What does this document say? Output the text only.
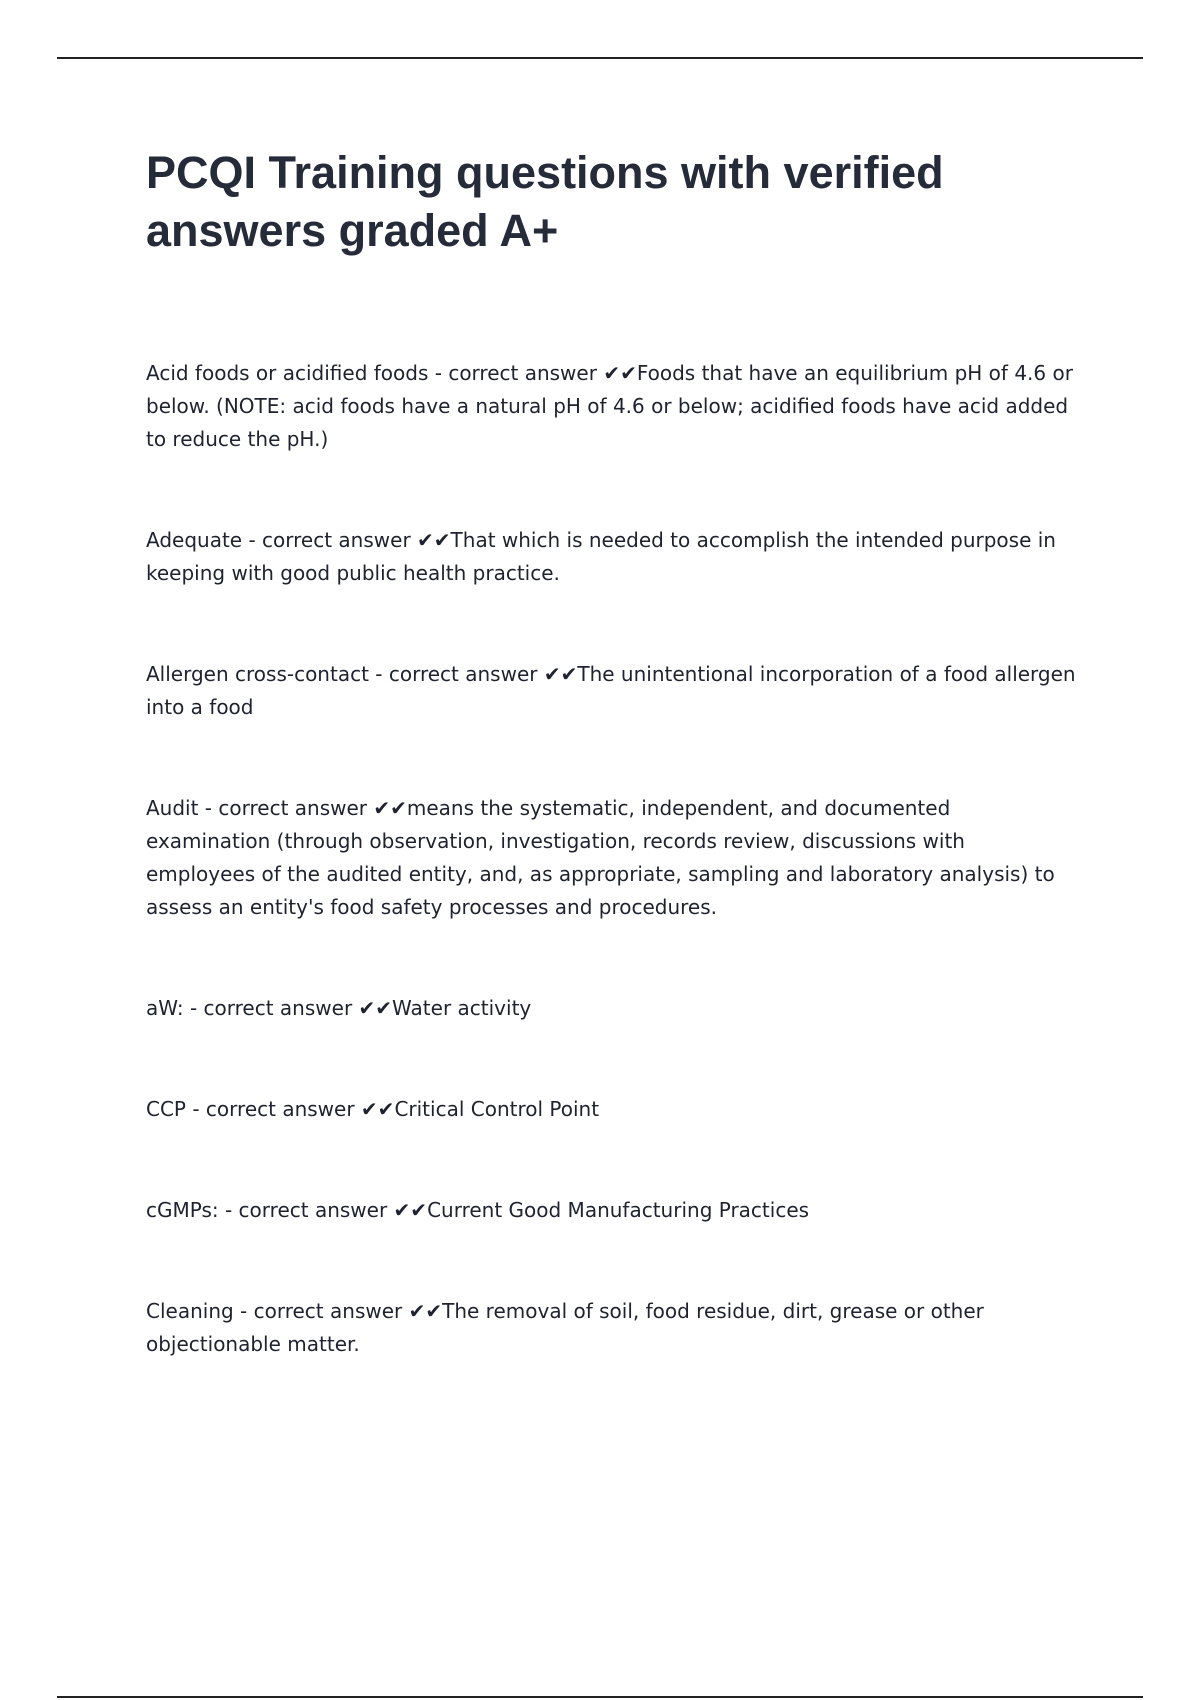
PCQI Training questions with verified answers graded A+

Acid foods or acidified foods - correct answer ✔✔Foods that have an equilibrium pH of 4.6 or below. (NOTE: acid foods have a natural pH of 4.6 or below; acidified foods have acid added to reduce the pH.)

Adequate - correct answer ✔✔That which is needed to accomplish the intended purpose in keeping with good public health practice.

Allergen cross-contact - correct answer ✔✔The unintentional incorporation of a food allergen into a food

Audit - correct answer ✔✔means the systematic, independent, and documented examination (through observation, investigation, records review, discussions with employees of the audited entity, and, as appropriate, sampling and laboratory analysis) to assess an entity's food safety processes and procedures.

aW: - correct answer ✔✔Water activity

CCP - correct answer ✔✔Critical Control Point

cGMPs: - correct answer ✔✔Current Good Manufacturing Practices

Cleaning - correct answer ✔✔The removal of soil, food residue, dirt, grease or other objectionable matter.
